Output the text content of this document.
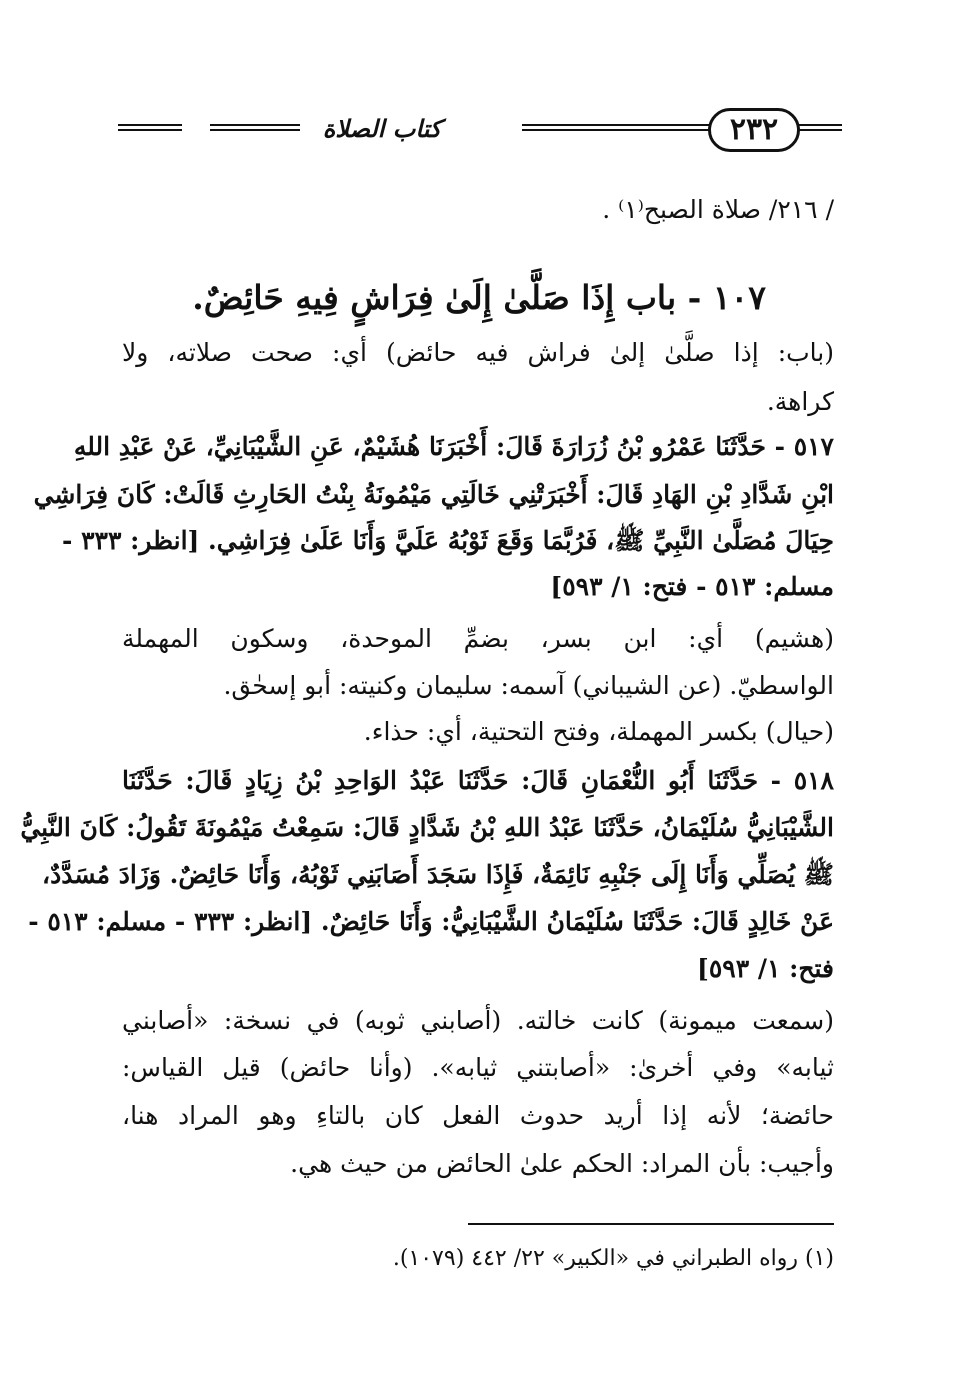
كتاب الصلاة	٢٣٢
/ ٢١٦/ صلاة الصبح⁽١⁾ .
١٠٧ - باب إِذَا صَلَّىٰ إِلَىٰ فِرَاشٍ فِيهِ حَائِضٌ.
(باب: إذا صلَّىٰ إلىٰ فراش فيه حائض) أي: صحت صلاته، ولا
كراهة.
٥١٧ - حَدَّثَنَا عَمْرُو بْنُ زُرَارَةَ قَالَ: أَخْبَرَنَا هُشَيْمٌ، عَنِ الشَّيْبَانِيِّ، عَنْ عَبْدِ اللهِ
ابْنِ شَدَّادِ بْنِ الهَادِ قَالَ: أَخْبَرَتْنِي خَالَتِي مَيْمُونَةُ بِنْتُ الحَارِثِ قَالَتْ: كَانَ فِرَاشِي
حِيَالَ مُصَلَّىٰ النَّبِيِّ ﷺ، فَرُبَّمَا وَقَعَ ثَوْبُهُ عَلَيَّ وَأَنَا عَلَىٰ فِرَاشِي. [انظر: ٣٣٣ -
مسلم: ٥١٣ - فتح: ١/ ٥٩٣]
(هشيم) أي: ابن بسر، بضمِّ الموحدة، وسكون المهملة
الواسطيّ. (عن الشيباني) آسمه: سليمان وكنيته: أبو إسحٰق.
(حيال) بكسر المهملة، وفتح التحتية، أي: حذاء.
٥١٨ - حَدَّثَنَا أَبُو النُّعْمَانِ قَالَ: حَدَّثَنَا عَبْدُ الوَاحِدِ بْنُ زِيَادٍ قَالَ: حَدَّثَنَا
الشَّيْبَانِيُّ سُلَيْمَانُ، حَدَّثَنَا عَبْدُ اللهِ بْنُ شَدَّادٍ قَالَ: سَمِعْتُ مَيْمُونَةَ تَقُولُ: كَانَ النَّبِيُّ
ﷺ يُصَلِّي وَأَنَا إِلَى جَنْبِهِ نَائِمَةٌ، فَإِذَا سَجَدَ أَصَابَنِي ثَوْبُهُ، وَأَنَا حَائِضٌ. وَزَادَ مُسَدَّدٌ،
عَنْ خَالِدٍ قَالَ: حَدَّثَنَا سُلَيْمَانُ الشَّيْبَانِيُّ: وَأَنَا حَائِضٌ. [انظر: ٣٣٣ - مسلم: ٥١٣ -
فتح: ١/ ٥٩٣]
(سمعت ميمونة) كانت خالته. (أصابني ثوبه) في نسخة: «أصابني
ثيابه» وفي أخرىٰ: «أصابتني ثيابه». (وأنا حائض) قيل القياس:
حائضة؛ لأنه إذا أريد حدوث الفعل كان بالتاءِ وهو المراد هنا،
وأجيب: بأن المراد: الحكم علىٰ الحائض من حيث هي.
(١) رواه الطبراني في «الكبير» ٢٢/ ٤٤٢ (١٠٧٩).
